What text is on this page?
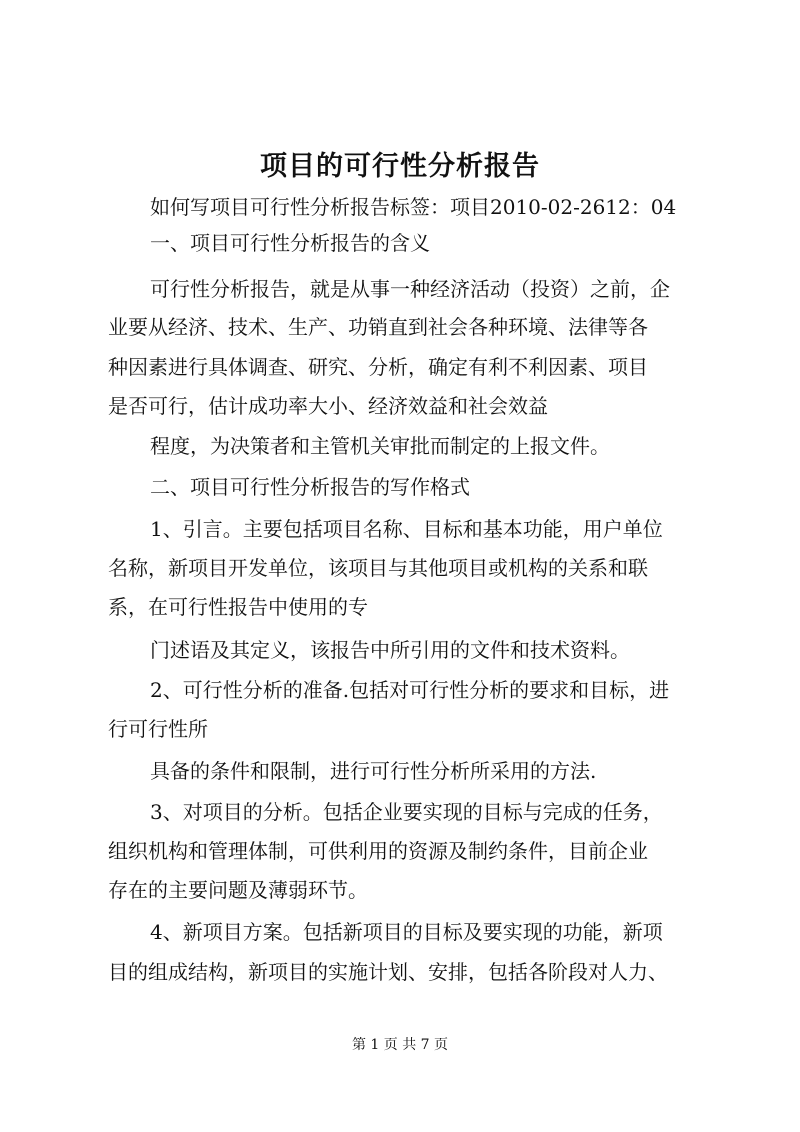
项目的可行性分析报告
如何写项目可行性分析报告标签：项目2010-02-2612：04
一、项目可行性分析报告的含义
可行性分析报告，就是从事一种经济活动（投资）之前，企
业要从经济、技术、生产、功销直到社会各种环境、法律等各
种因素进行具体调查、研究、分析，确定有利不利因素、项目
是否可行，估计成功率大小、经济效益和社会效益
程度，为决策者和主管机关审批而制定的上报文件。
二、项目可行性分析报告的写作格式
1、引言。主要包括项目名称、目标和基本功能，用户单位
名称，新项目开发单位，该项目与其他项目或机构的关系和联
系，在可行性报告中使用的专
门述语及其定义，该报告中所引用的文件和技术资料。
2、可行性分析的准备.包括对可行性分析的要求和目标，进
行可行性所
具备的条件和限制，进行可行性分析所采用的方法.
3、对项目的分析。包括企业要实现的目标与完成的任务，
组织机构和管理体制，可供利用的资源及制约条件，目前企业
存在的主要问题及薄弱环节。
4、新项目方案。包括新项目的目标及要实现的功能，新项
目的组成结构，新项目的实施计划、安排，包括各阶段对人力、
第 1 页 共 7 页
